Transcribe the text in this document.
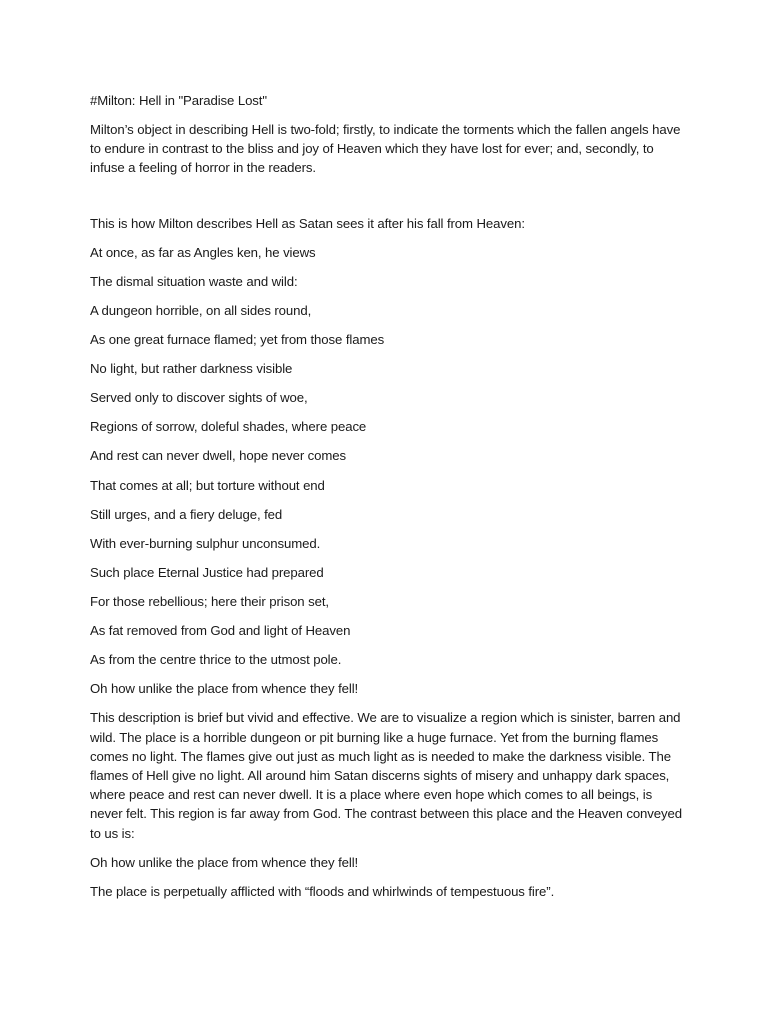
#Milton: Hell in "Paradise Lost"

Milton’s object in describing Hell is two-fold; firstly, to indicate the torments which the fallen angels have to endure in contrast to the bliss and joy of Heaven which they have lost for ever; and, secondly, to infuse a feeling of horror in the readers.

This is how Milton describes Hell as Satan sees it after his fall from Heaven:

At once, as far as Angles ken, he views
The dismal situation waste and wild:
A dungeon horrible, on all sides round,
As one great furnace flamed; yet from those flames
No light, but rather darkness visible
Served only to discover sights of woe,
Regions of sorrow, doleful shades, where peace
And rest can never dwell, hope never comes
That comes at all; but torture without end
Still urges, and a fiery deluge, fed
With ever-burning sulphur unconsumed.
Such place Eternal Justice had prepared
For those rebellious; here their prison set,
As fat removed from God and light of Heaven
As from the centre thrice to the utmost pole.
Oh how unlike the place from whence they fell!

This description is brief but vivid and effective. We are to visualize a region which is sinister, barren and wild. The place is a horrible dungeon or pit burning like a huge furnace. Yet from the burning flames comes no light. The flames give out just as much light as is needed to make the darkness visible. The flames of Hell give no light. All around him Satan discerns sights of misery and unhappy dark spaces, where peace and rest can never dwell. It is a place where even hope which comes to all beings, is never felt. This region is far away from God. The contrast between this place and the Heaven conveyed to us is:

Oh how unlike the place from whence they fell!

The place is perpetually afflicted with “floods and whirlwinds of tempestuous fire”.
